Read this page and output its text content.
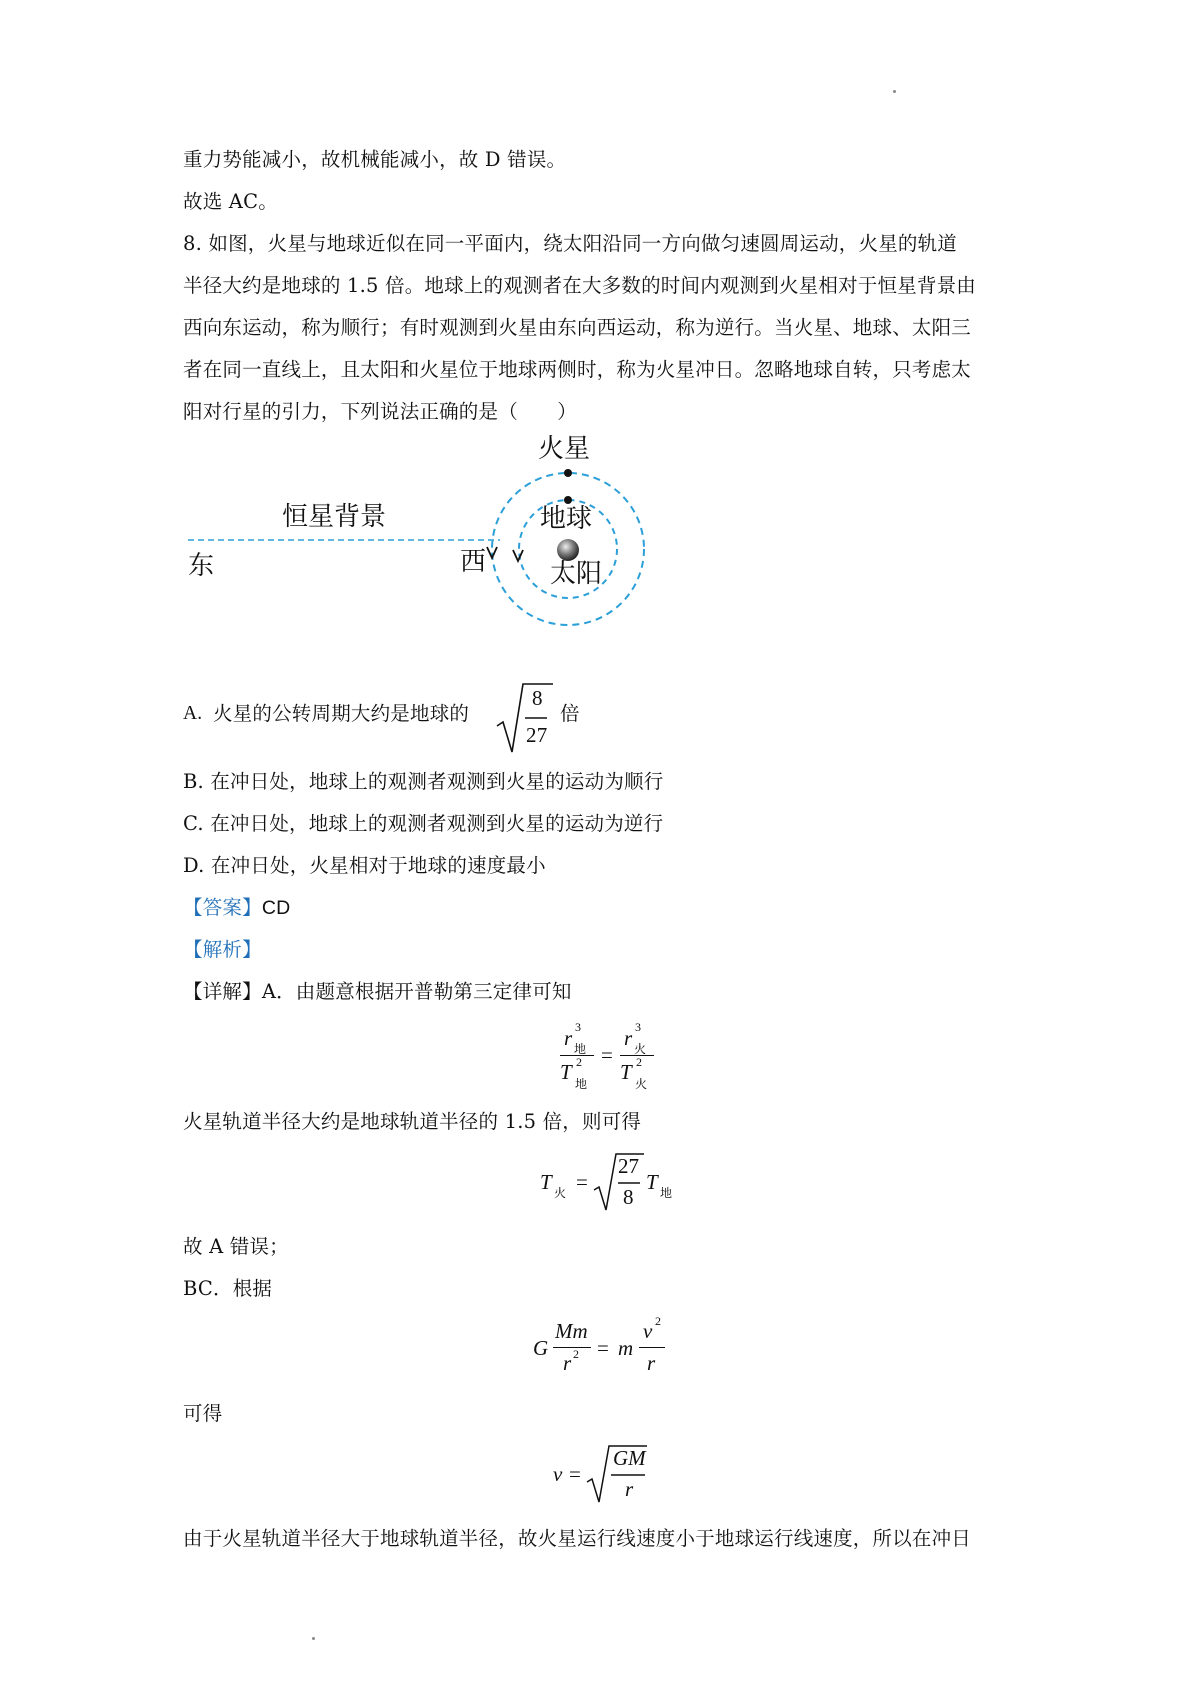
重力势能减小，故机械能减小，故 D 错误。
故选 AC。
8. 如图，火星与地球近似在同一平面内，绕太阳沿同一方向做匀速圆周运动，火星的轨道
半径大约是地球的 1.5 倍。地球上的观测者在大多数的时间内观测到火星相对于恒星背景由
西向东运动，称为顺行；有时观测到火星由东向西运动，称为逆行。当火星、地球、太阳三
者在同一直线上，且太阳和火星位于地球两侧时，称为火星冲日。忽略地球自转，只考虑太
阳对行星的引力，下列说法正确的是（　　）
火星
地球
太阳
恒星背景
东	西
A. 火星的公转周期大约是地球的
8
27
倍
B. 在冲日处，地球上的观测者观测到火星的运动为顺行
C. 在冲日处，地球上的观测者观测到火星的运动为逆行
D. 在冲日处，火星相对于地球的速度最小
【答案】CD
【解析】
【详解】A．由题意根据开普勒第三定律可知
r 3
地
T 2
地
=
r 3
火
T 2
火
火星轨道半径大约是地球轨道半径的 1.5 倍，则可得
T 火 =
27
8
T 地
故 A 错误；
BC．根据
G
Mm
r 2 = m
v 2
r
可得
v =
GM
r
由于火星轨道半径大于地球轨道半径，故火星运行线速度小于地球运行线速度，所以在冲日
